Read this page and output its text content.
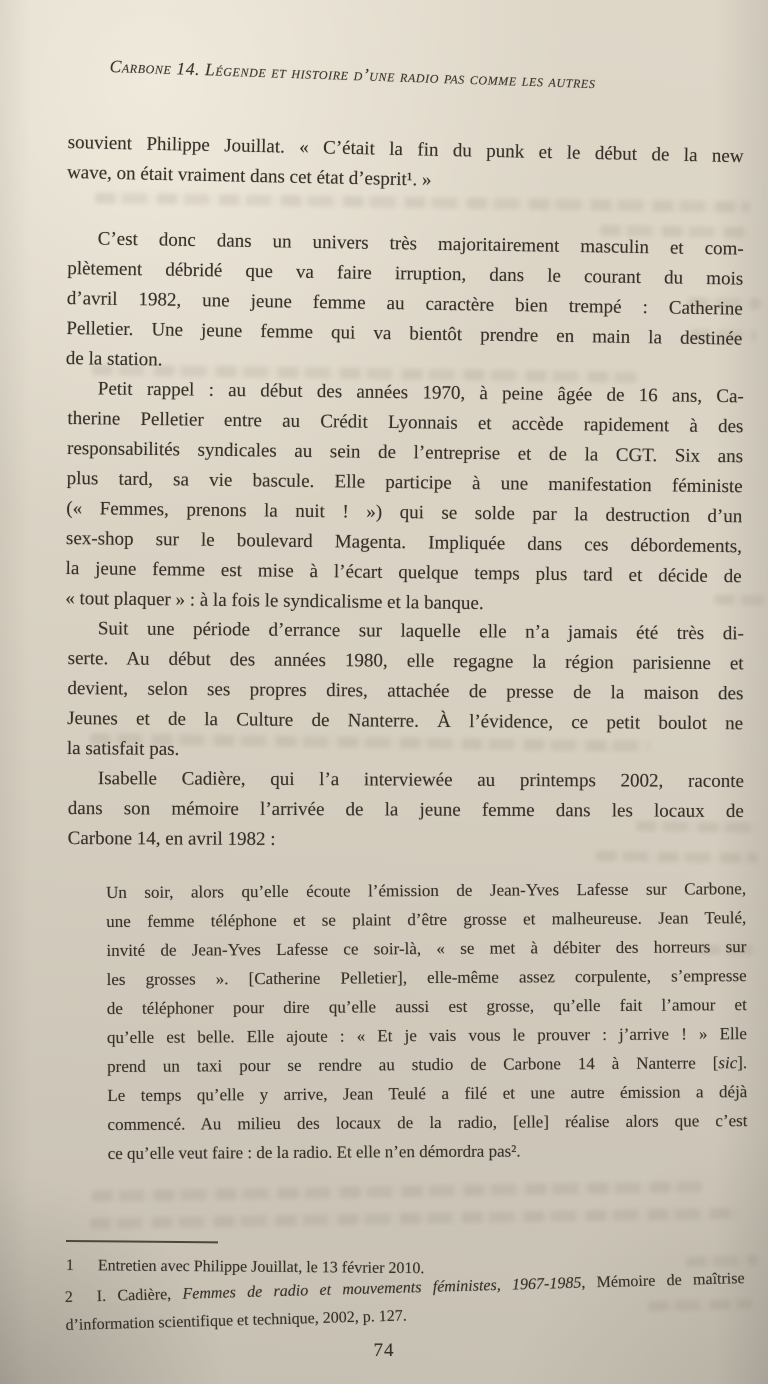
Carbone 14. Légende et histoire d’une radio pas comme les autres
souvient Philippe Jouillat. « C’était la fin du punk et le début de la new
wave, on était vraiment dans cet état d’esprit¹. »
C’est donc dans un univers très majoritairement masculin et com-
plètement débridé que va faire irruption, dans le courant du mois
d’avril 1982, une jeune femme au caractère bien trempé : Catherine
Pelletier. Une jeune femme qui va bientôt prendre en main la destinée
de la station.
Petit rappel : au début des années 1970, à peine âgée de 16 ans, Ca-
therine Pelletier entre au Crédit Lyonnais et accède rapidement à des
responsabilités syndicales au sein de l’entreprise et de la CGT. Six ans
plus tard, sa vie bascule. Elle participe à une manifestation féministe
(« Femmes, prenons la nuit ! ») qui se solde par la destruction d’un
sex-shop sur le boulevard Magenta. Impliquée dans ces débordements,
la jeune femme est mise à l’écart quelque temps plus tard et décide de
« tout plaquer » : à la fois le syndicalisme et la banque.
Suit une période d’errance sur laquelle elle n’a jamais été très di-
serte. Au début des années 1980, elle regagne la région parisienne et
devient, selon ses propres dires, attachée de presse de la maison des
Jeunes et de la Culture de Nanterre. À l’évidence, ce petit boulot ne
la satisfait pas.
Isabelle Cadière, qui l’a interviewée au printemps 2002, raconte
dans son mémoire l’arrivée de la jeune femme dans les locaux de
Carbone 14, en avril 1982 :
Un soir, alors qu’elle écoute l’émission de Jean-Yves Lafesse sur Carbone,
une femme téléphone et se plaint d’être grosse et malheureuse. Jean Teulé,
invité de Jean-Yves Lafesse ce soir-là, « se met à débiter des horreurs sur
les grosses ». [Catherine Pelletier], elle-même assez corpulente, s’empresse
de téléphoner pour dire qu’elle aussi est grosse, qu’elle fait l’amour et
qu’elle est belle. Elle ajoute : « Et je vais vous le prouver : j’arrive ! » Elle
prend un taxi pour se rendre au studio de Carbone 14 à Nanterre [sic].
Le temps qu’elle y arrive, Jean Teulé a filé et une autre émission a déjà
commencé. Au milieu des locaux de la radio, [elle] réalise alors que c’est
ce qu’elle veut faire : de la radio. Et elle n’en démordra pas².
1 Entretien avec Philippe Jouillat, le 13 février 2010.
2 I. Cadière, Femmes de radio et mouvements féministes, 1967-1985, Mémoire de maîtrise
d’information scientifique et technique, 2002, p. 127.
74
